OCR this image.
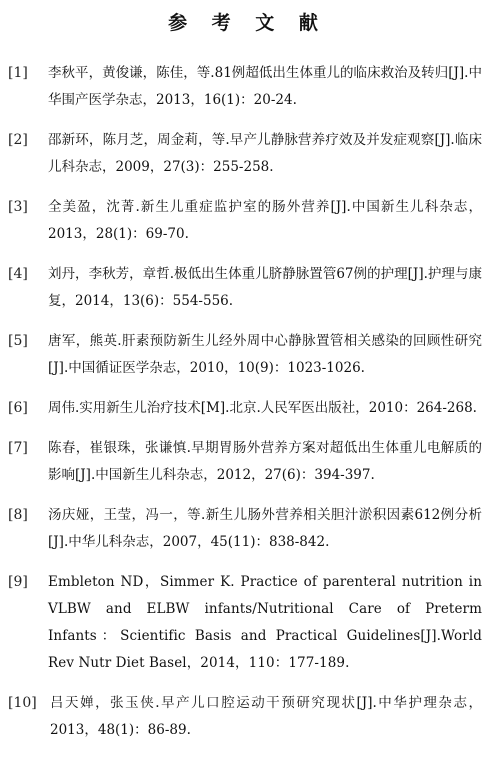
参 考 文 献
[1]	李秋平，黄俊谦，陈佳，等.81例超低出生体重儿的临床救治及转归[J].中华围产医学杂志，2013，16(1)：20-24.
[2]	邵新环，陈月芝，周金莉，等.早产儿静脉营养疗效及并发症观察[J].临床儿科杂志，2009，27(3)：255-258.
[3]	全美盈，沈菁.新生儿重症监护室的肠外营养[J].中国新生儿科杂志，2013，28(1)：69-70.
[4]	刘丹，李秋芳，章哲.极低出生体重儿脐静脉置管67例的护理[J].护理与康复，2014，13(6)：554-556.
[5]	唐军，熊英.肝素预防新生儿经外周中心静脉置管相关感染的回顾性研究[J].中国循证医学杂志，2010，10(9)：1023-1026.
[6]	周伟.实用新生儿治疗技术[M].北京.人民军医出版社，2010：264-268.
[7]	陈春，崔银珠，张谦慎.早期胃肠外营养方案对超低出生体重儿电解质的影响[J].中国新生儿科杂志，2012，27(6)：394-397.
[8]	汤庆娅，王莹，冯一，等.新生儿肠外营养相关胆汁淤积因素612例分析[J].中华儿科杂志，2007，45(11)：838-842.
[9]	Embleton ND，Simmer K. Practice of parenteral nutrition in VLBW and ELBW infants/Nutritional Care of Preterm Infants：Scientific Basis and Practical Guidelines[J].World Rev Nutr Diet Basel，2014，110：177-189.
[10] 吕天婵，张玉侠.早产儿口腔运动干预研究现状[J].中华护理杂志，2013，48(1)：86-89.
